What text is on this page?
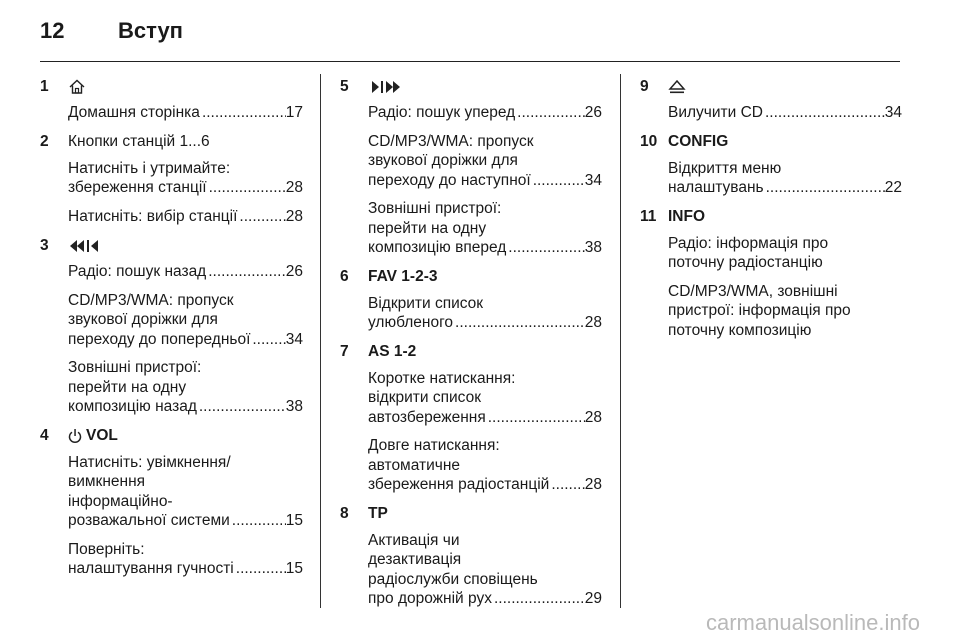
12 Вступ
1
Домашня сторінка .....	17
2	Кнопки станцій 1...6
Натисніть і утримайте:
збереження станції .....	28
Натисніть: вибір станції .....	28
3
Радіо: пошук назад .....	26
CD/MP3/WMA: пропуск
звукової доріжки для
переходу до попередньої ..... 34
Зовнішні пристрої:
перейти на одну
композицію назад .....	38
4	VOL
Натисніть: увімкнення/
вимкнення
інформаційно-
розважальної системи .....	15
Поверніть:
налаштування гучності .....	15
5
Радіо: пошук уперед .....	26
CD/MP3/WMA: пропуск
звукової доріжки для
переходу до наступної .....	34
Зовнішні пристрої:
перейти на одну
композицію вперед .....	38
6	FAV 1-2-3
Відкрити список
улюбленого .....	28
7	AS 1-2
Коротке натискання:
відкрити список
автозбереження .....	28
Довге натискання:
автоматичне
збереження радіостанцій ..... 28
8	TP
Активація чи
дезактивація
радіослужби сповіщень
про дорожній рух .....	29
9
Вилучити CD .....	34
10 CONFIG
Відкриття меню
налаштувань .....	22
11 INFO
Радіо: інформація про
поточну радіостанцію
CD/MP3/WMA, зовнішні
пристрої: інформація про
поточну композицію
carmanualsonline.info
